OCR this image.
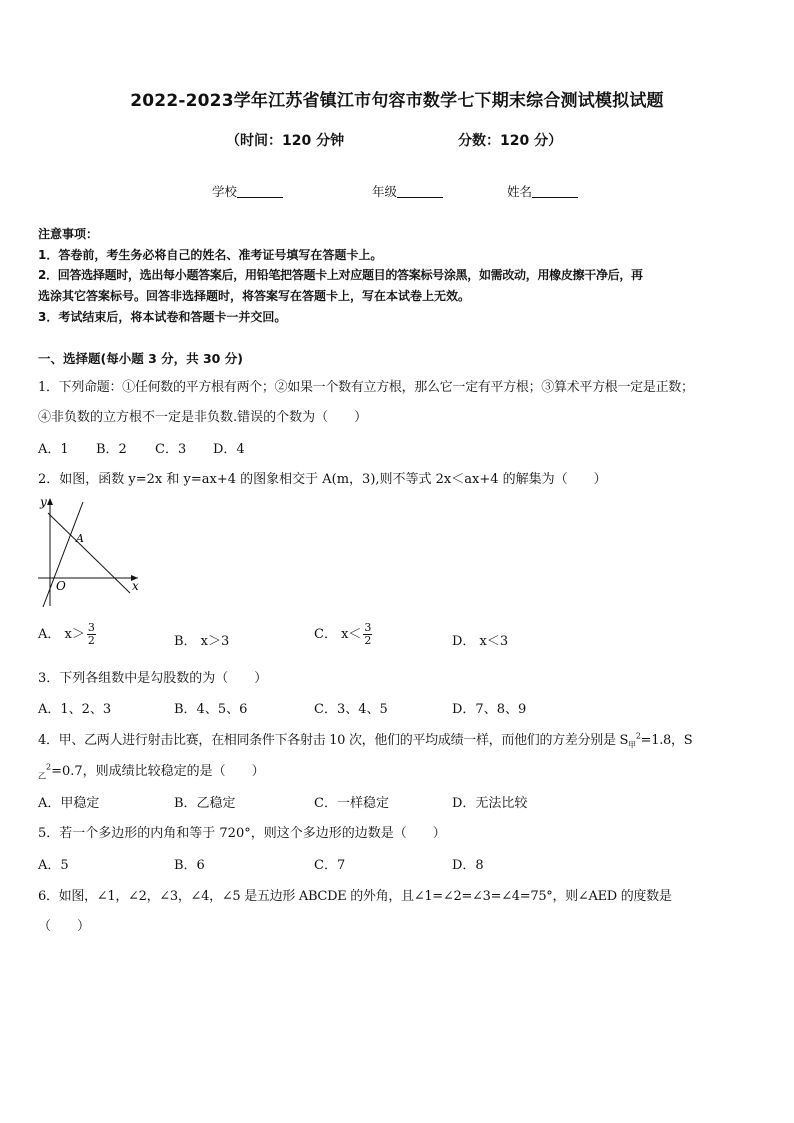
2022-2023学年江苏省镇江市句容市数学七下期末综合测试模拟试题
（时间：120 分钟	分数：120 分）
学校	年级	姓名
注意事项：
1．答卷前，考生务必将自己的姓名、准考证号填写在答题卡上。
2．回答选择题时，选出每小题答案后，用铅笔把答题卡上对应题目的答案标号涂黑，如需改动，用橡皮擦干净后，再
选涂其它答案标号。回答非选择题时，将答案写在答题卡上，写在本试卷上无效。
3．考试结束后，将本试卷和答题卡一并交回。
一、选择题(每小题 3 分，共 30 分)
1．下列命题：①任何数的平方根有两个；②如果一个数有立方根，那么它一定有平方根；③算术平方根一定是正数；
④非负数的立方根不一定是非负数.错误的个数为（　　）
A．1 B．2 C．3 D．4
2．如图，函数 y=2x 和 y=ax+4 的图象相交于 A(m，3),则不等式 2x＜ax+4 的解集为（　　）
y
x
O
A
A． $x> \frac{3}{2}$	B． x＞3	C． $x< \frac{3}{2}$	D． x＜3
3．下列各组数中是勾股数的为（　　）
A．1、2、3	B．4、5、6	C．3、4、5	D．7、8、9
4．甲、乙两人进行射击比赛，在相同条件下各射击 10 次，他们的平均成绩一样，而他们的方差分别是 $S_甲^2=1.8$，S
$_乙^2$=0.7，则成绩比较稳定的是（　　）
A．甲稳定	B．乙稳定	C．一样稳定	D．无法比较
5．若一个多边形的内角和等于 720°，则这个多边形的边数是（　　）
A．5	B．6	C．7	D．8
6．如图，∠1，∠2，∠3，∠4，∠5 是五边形 ABCDE 的外角，且∠1=∠2=∠3=∠4=75°，则∠AED 的度数是
（　　）
